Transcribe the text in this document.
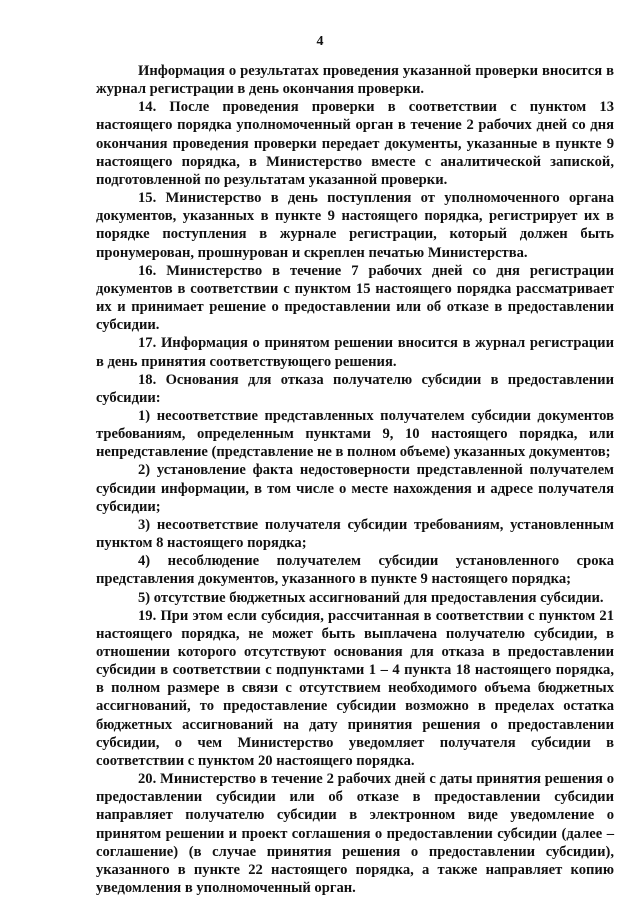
4

Информация о результатах проведения указанной проверки вносится в журнал регистрации в день окончания проверки.

14. После проведения проверки в соответствии с пунктом 13 настоящего порядка уполномоченный орган в течение 2 рабочих дней со дня окончания проведения проверки передает документы, указанные в пункте 9 настоящего порядка, в Министерство вместе с аналитической запиской, подготовленной по результатам указанной проверки.

15. Министерство в день поступления от уполномоченного органа документов, указанных в пункте 9 настоящего порядка, регистрирует их в порядке поступления в журнале регистрации, который должен быть пронумерован, прошнурован и скреплен печатью Министерства.

16. Министерство в течение 7 рабочих дней со дня регистрации документов в соответствии с пунктом 15 настоящего порядка рассматривает их и принимает решение о предоставлении или об отказе в предоставлении субсидии.

17. Информация о принятом решении вносится в журнал регистрации в день принятия соответствующего решения.

18. Основания для отказа получателю субсидии в предоставлении субсидии:

1) несоответствие представленных получателем субсидии документов требованиям, определенным пунктами 9, 10 настоящего порядка, или непредставление (представление не в полном объеме) указанных документов;

2) установление факта недостоверности представленной получателем субсидии информации, в том числе о месте нахождения и адресе получателя субсидии;

3) несоответствие получателя субсидии требованиям, установленным пунктом 8 настоящего порядка;

4) несоблюдение получателем субсидии установленного срока представления документов, указанного в пункте 9 настоящего порядка;

5) отсутствие бюджетных ассигнований для предоставления субсидии.

19. При этом если субсидия, рассчитанная в соответствии с пунктом 21 настоящего порядка, не может быть выплачена получателю субсидии, в отношении которого отсутствуют основания для отказа в предоставлении субсидии в соответствии с подпунктами 1 – 4 пункта 18 настоящего порядка, в полном размере в связи с отсутствием необходимого объема бюджетных ассигнований, то предоставление субсидии возможно в пределах остатка бюджетных ассигнований на дату принятия решения о предоставлении субсидии, о чем Министерство уведомляет получателя субсидии в соответствии с пунктом 20 настоящего порядка.

20. Министерство в течение 2 рабочих дней с даты принятия решения о предоставлении субсидии или об отказе в предоставлении субсидии направляет получателю субсидии в электронном виде уведомление о принятом решении и проект соглашения о предоставлении субсидии (далее – соглашение) (в случае принятия решения о предоставлении субсидии), указанного в пункте 22 настоящего порядка, а также направляет копию уведомления в уполномоченный орган.
